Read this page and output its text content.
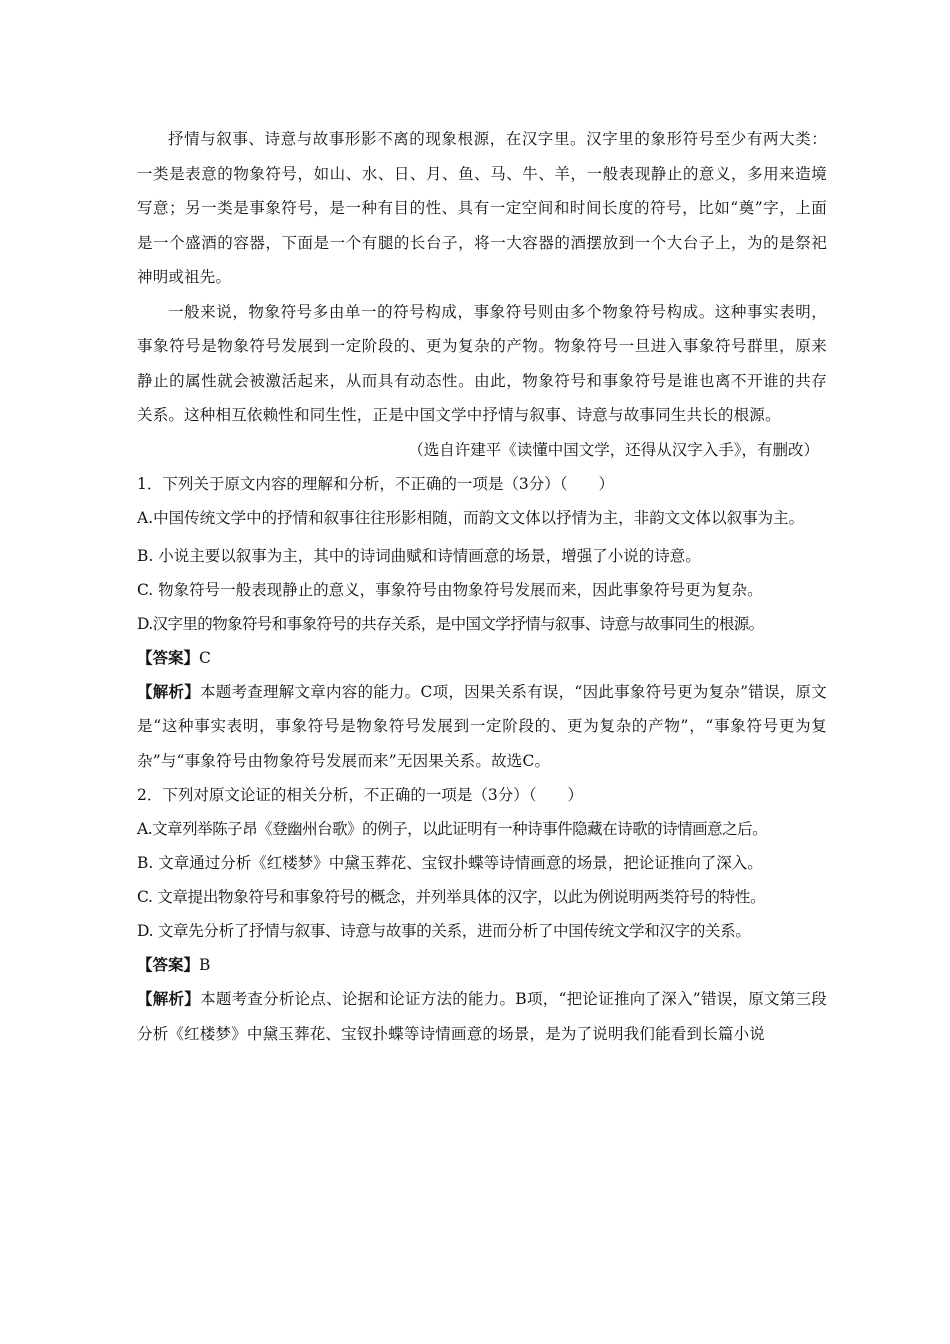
抒情与叙事、诗意与故事形影不离的现象根源，在汉字里。汉字里的象形符号至少有两大类：一类是表意的物象符号，如山、水、日、月、鱼、马、牛、羊，一般表现静止的意义，多用来造境写意；另一类是事象符号，是一种有目的性、具有一定空间和时间长度的符号，比如“奠”字，上面是一个盛酒的容器，下面是一个有腿的长台子，将一大容器的酒摆放到一个大台子上，为的是祭祀神明或祖先。

一般来说，物象符号多由单一的符号构成，事象符号则由多个物象符号构成。这种事实表明，事象符号是物象符号发展到一定阶段的、更为复杂的产物。物象符号一旦进入事象符号群里，原来静止的属性就会被激活起来，从而具有动态性。由此，物象符号和事象符号是谁也离不开谁的共存关系。这种相互依赖性和同生性，正是中国文学中抒情与叙事、诗意与故事同生共长的根源。

（选自许建平《读懂中国文学，还得从汉字入手》，有删改）

1．下列关于原文内容的理解和分析，不正确的一项是（3分）（　　）

A.中国传统文学中的抒情和叙事往往形影相随，而韵文文体以抒情为主，非韵文文体以叙事为主。

B. 小说主要以叙事为主，其中的诗词曲赋和诗情画意的场景，增强了小说的诗意。

C. 物象符号一般表现静止的意义，事象符号由物象符号发展而来，因此事象符号更为复杂。

D.汉字里的物象符号和事象符号的共存关系，是中国文学抒情与叙事、诗意与故事同生的根源。

【答案】C

【解析】本题考查理解文章内容的能力。C项，因果关系有误，“因此事象符号更为复杂”错误，原文是“这种事实表明，事象符号是物象符号发展到一定阶段的、更为复杂的产物”，“事象符号更为复杂”与“事象符号由物象符号发展而来”无因果关系。故选C。

2．下列对原文论证的相关分析，不正确的一项是（3分）（　　）

A.文章列举陈子昂《登幽州台歌》的例子，以此证明有一种诗事件隐藏在诗歌的诗情画意之后。

B. 文章通过分析《红楼梦》中黛玉葬花、宝钗扑蝶等诗情画意的场景，把论证推向了深入。

C. 文章提出物象符号和事象符号的概念，并列举具体的汉字，以此为例说明两类符号的特性。

D. 文章先分析了抒情与叙事、诗意与故事的关系，进而分析了中国传统文学和汉字的关系。

【答案】B

【解析】本题考查分析论点、论据和论证方法的能力。B项，“把论证推向了深入”错误，原文第三段分析《红楼梦》中黛玉葬花、宝钗扑蝶等诗情画意的场景，是为了说明我们能看到长篇小说
